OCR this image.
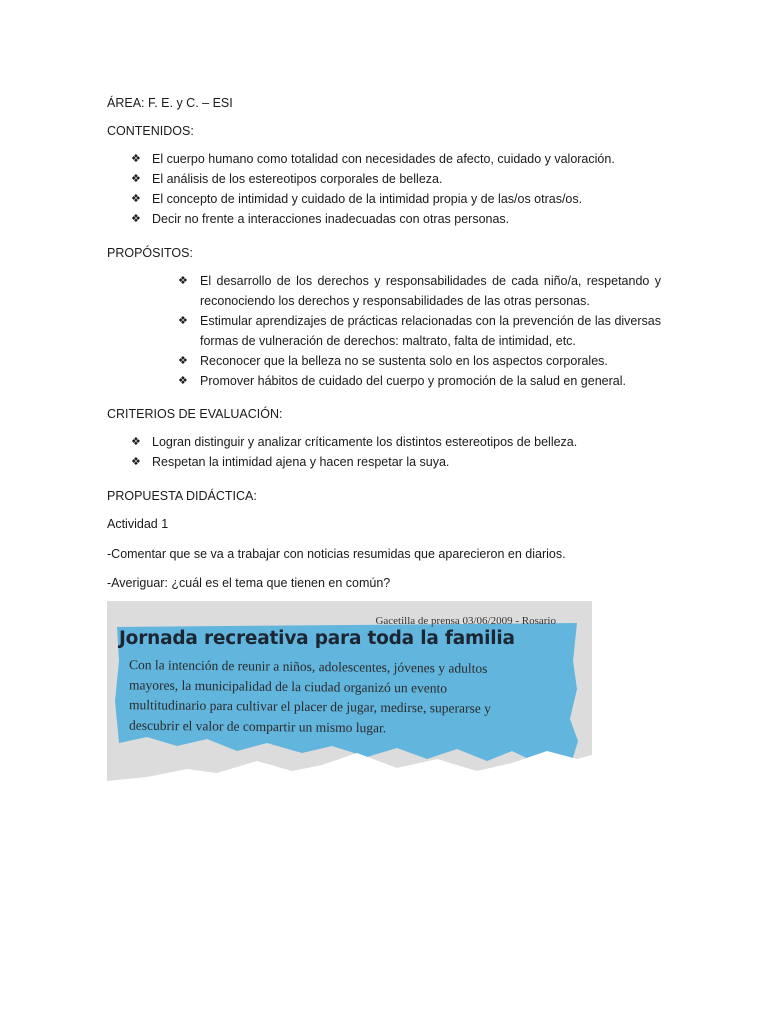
ÁREA: F. E. y C. – ESI
CONTENIDOS:
❖ El cuerpo humano como totalidad con necesidades de afecto, cuidado y valoración.
❖ El análisis de los estereotipos corporales de belleza.
❖ El concepto de intimidad y cuidado de la intimidad propia y de las/os otras/os.
❖ Decir no frente a interacciones inadecuadas con otras personas.
PROPÓSITOS:
❖ El desarrollo de los derechos y responsabilidades de cada niño/a, respetando y
reconociendo los derechos y responsabilidades de las otras personas.
❖ Estimular aprendizajes de prácticas relacionadas con la prevención de las diversas
formas de vulneración de derechos: maltrato, falta de intimidad, etc.
❖ Reconocer que la belleza no se sustenta solo en los aspectos corporales.
❖ Promover hábitos de cuidado del cuerpo y promoción de la salud en general.
CRITERIOS DE EVALUACIÓN:
❖ Logran distinguir y analizar críticamente los distintos estereotipos de belleza.
❖ Respetan la intimidad ajena y hacen respetar la suya.
PROPUESTA DIDÁCTICA:
Actividad 1
-Comentar que se va a trabajar con noticias resumidas que aparecieron en diarios.
-Averiguar: ¿cuál es el tema que tienen en común?
Gacetilla de prensa 03/06/2009 - Rosario
Jornada recreativa para toda la familia
Con la intención de reunir a niños, adolescentes, jóvenes y adultos
mayores, la municipalidad de la ciudad organizó un evento
multitudinario para cultivar el placer de jugar, medirse, superarse y
descubrir el valor de compartir un mismo lugar.
